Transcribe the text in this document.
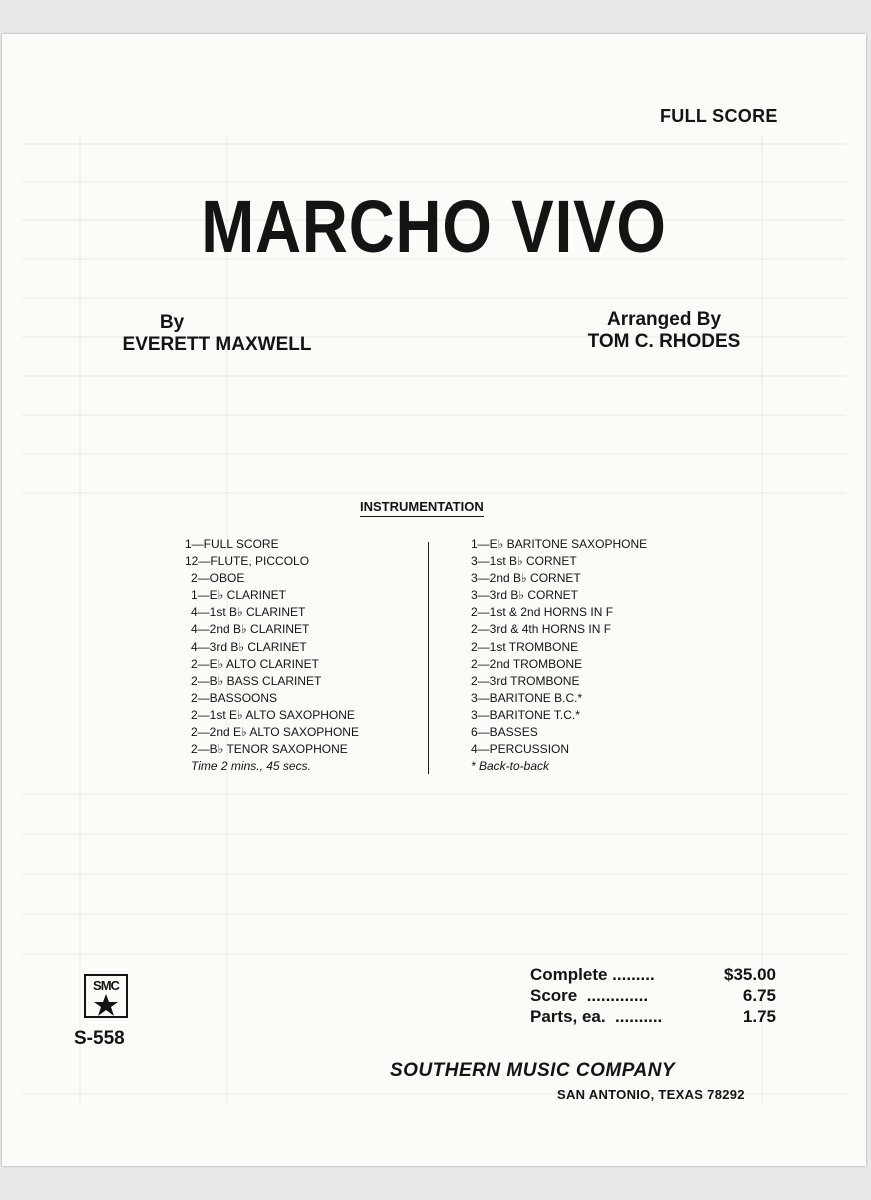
FULL SCORE
MARCHO VIVO
By
EVERETT MAXWELL
Arranged By
TOM C. RHODES
INSTRUMENTATION
1—FULL SCORE
12—FLUTE, PICCOLO
2—OBOE
1—E♭ CLARINET
4—1st B♭ CLARINET
4—2nd B♭ CLARINET
4—3rd B♭ CLARINET
2—E♭ ALTO CLARINET
2—B♭ BASS CLARINET
2—BASSOONS
2—1st E♭ ALTO SAXOPHONE
2—2nd E♭ ALTO SAXOPHONE
2—B♭ TENOR SAXOPHONE
Time 2 mins., 45 secs.
1—E♭ BARITONE SAXOPHONE
3—1st B♭ CORNET
3—2nd B♭ CORNET
3—3rd B♭ CORNET
2—1st & 2nd HORNS IN F
2—3rd & 4th HORNS IN F
2—1st TROMBONE
2—2nd TROMBONE
2—3rd TROMBONE
3—BARITONE B.C.*
3—BARITONE T.C.*
6—BASSES
4—PERCUSSION
* Back-to-back
SMC
S-558
Complete .........	$35.00
Score  .............	6.75
Parts, ea.  ..........	1.75
SOUTHERN MUSIC COMPANY
SAN ANTONIO, TEXAS 78292
